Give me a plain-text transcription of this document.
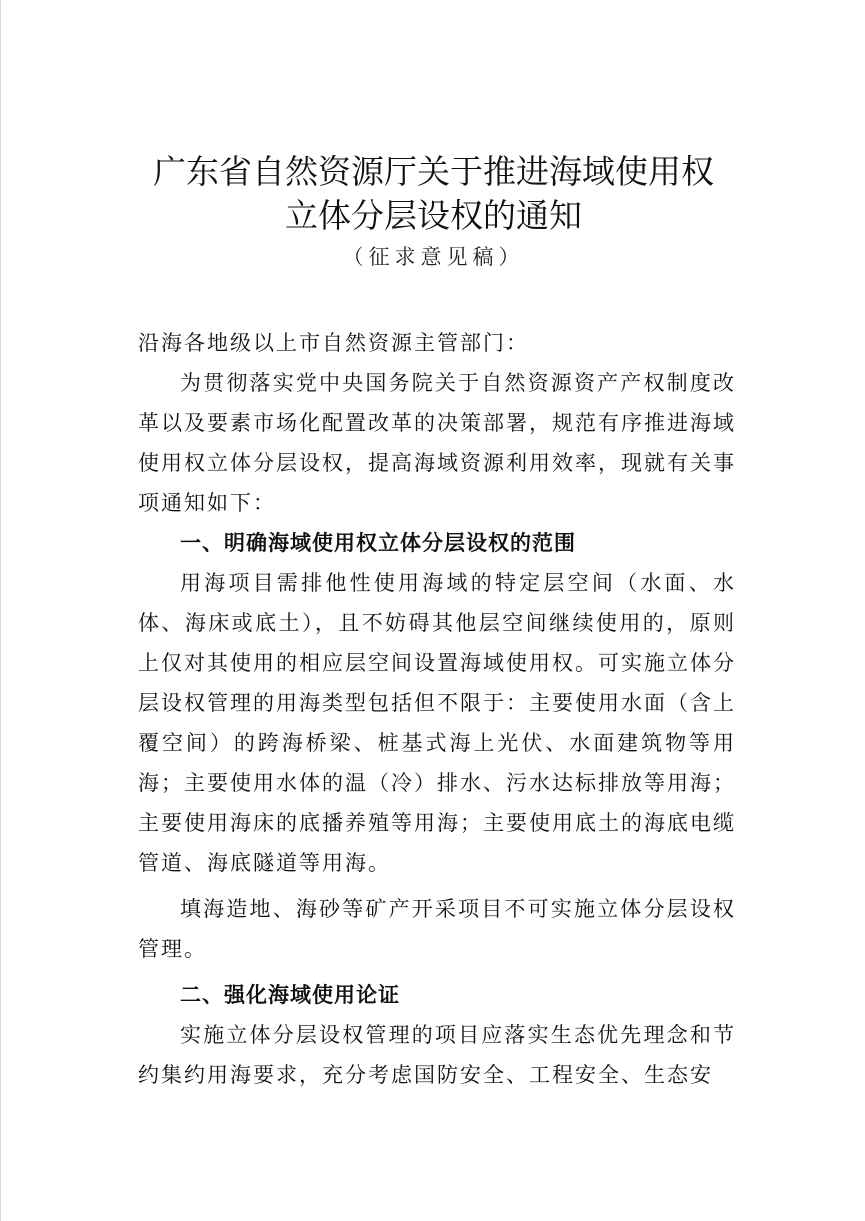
广东省自然资源厅关于推进海域使用权
立体分层设权的通知
（征求意见稿）

沿海各地级以上市自然资源主管部门：

为贯彻落实党中央国务院关于自然资源资产产权制度改革以及要素市场化配置改革的决策部署，规范有序推进海域使用权立体分层设权，提高海域资源利用效率，现就有关事项通知如下：

一、明确海域使用权立体分层设权的范围

用海项目需排他性使用海域的特定层空间（水面、水体、海床或底土），且不妨碍其他层空间继续使用的，原则上仅对其使用的相应层空间设置海域使用权。可实施立体分层设权管理的用海类型包括但不限于：主要使用水面（含上覆空间）的跨海桥梁、桩基式海上光伏、水面建筑物等用海；主要使用水体的温（冷）排水、污水达标排放等用海；主要使用海床的底播养殖等用海；主要使用底土的海底电缆管道、海底隧道等用海。

填海造地、海砂等矿产开采项目不可实施立体分层设权管理。

二、强化海域使用论证

实施立体分层设权管理的项目应落实生态优先理念和节约集约用海要求，充分考虑国防安全、工程安全、生态安
